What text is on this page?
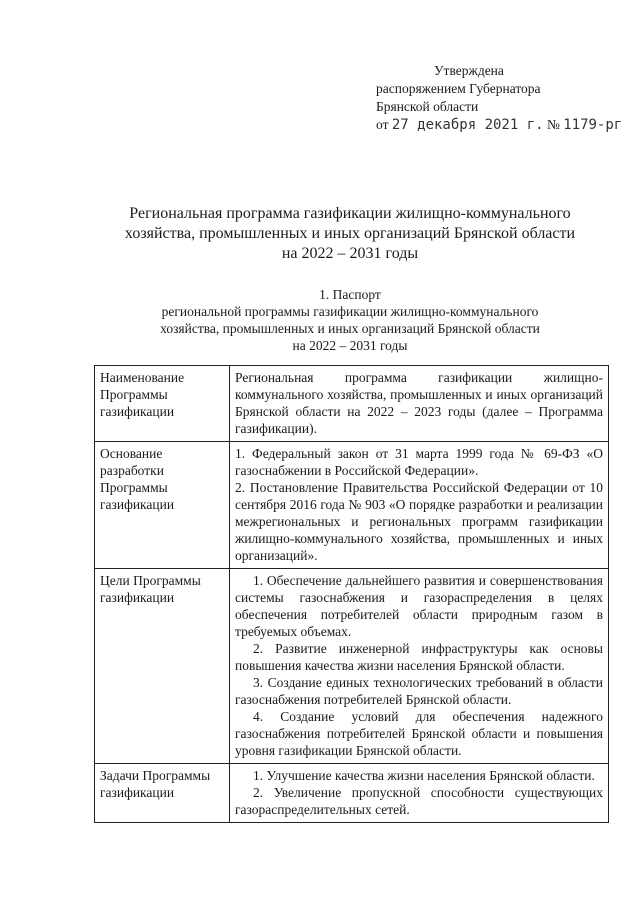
Утверждена
распоряжением Губернатора
Брянской области
от 27 декабря 2021 г. № 1179-рг
Региональная программа газификации жилищно-коммунального
хозяйства, промышленных и иных организаций Брянской области
на 2022 – 2031 годы
1. Паспорт
региональной программы газификации жилищно-коммунального
хозяйства, промышленных и иных организаций Брянской области
на 2022 – 2031 годы
Наименование Программы газификации	Региональная программа газификации жилищно-коммунального хозяйства, промышленных и иных организаций Брянской области на 2022 – 2023 годы (далее – Программа газификации).

Основание разработки Программы газификации	1. Федеральный закон от 31 марта 1999 года № 69-ФЗ «О газоснабжении в Российской Федерации».
2. Постановление Правительства Российской Федерации от 10 сентября 2016 года № 903 «О порядке разработки и реализации межрегиональных и региональных программ газификации жилищно-коммунального хозяйства, промышленных и иных организаций».

Цели Программы газификации	1. Обеспечение дальнейшего развития и совершенствования системы газоснабжения и газораспределения в целях обеспечения потребителей области природным газом в требуемых объемах.
2. Развитие инженерной инфраструктуры как основы повышения качества жизни населения Брянской области.
3. Создание единых технологических требований в области газоснабжения потребителей Брянской области.
4. Создание условий для обеспечения надежного газоснабжения потребителей Брянской области и повышения уровня газификации Брянской области.

Задачи Программы газификации	1. Улучшение качества жизни населения Брянской области.
2. Увеличение пропускной способности существующих газораспределительных сетей.
